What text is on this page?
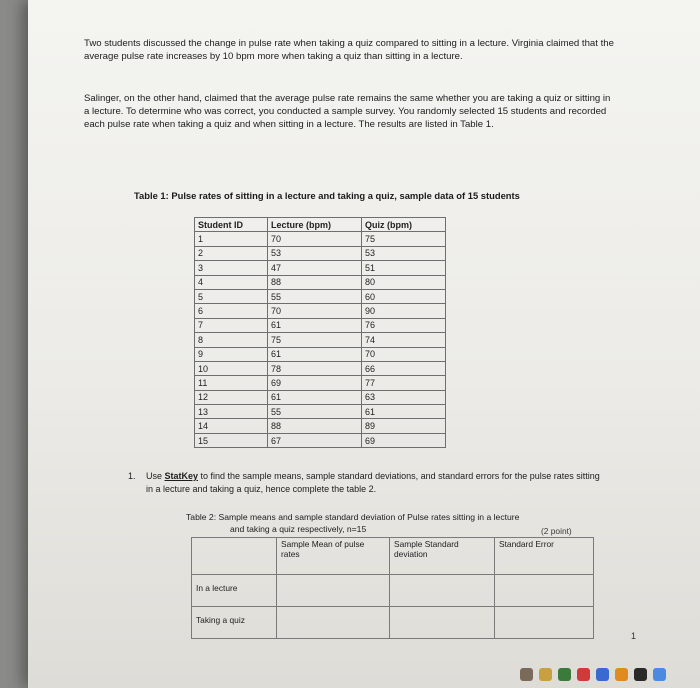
Two students discussed the change in pulse rate when taking a quiz compared to sitting in a lecture. Virginia claimed that the average pulse rate increases by 10 bpm more when taking a quiz than sitting in a lecture.

Salinger, on the other hand, claimed that the average pulse rate remains the same whether you are taking a quiz or sitting in a lecture. To determine who was correct, you conducted a sample survey. You randomly selected 15 students and recorded each pulse rate when taking a quiz and when sitting in a lecture. The results are listed in Table 1.

Table 1: Pulse rates of sitting in a lecture and taking a quiz, sample data of 15 students
Student ID	Lecture (bpm)	Quiz (bpm)
1	70	75
2	53	53
3	47	51
4	88	80
5	55	60
6	70	90
7	61	76
8	75	74
9	61	70
10	78	66
11	69	77
12	61	63
13	55	61
14	88	89
15	67	69
1. Use StatKey to find the sample means, sample standard deviations, and standard errors for the pulse rates sitting in a lecture and taking a quiz, hence complete the table 2.
Table 2: Sample means and sample standard deviation of Pulse rates sitting in a lecture
and taking a quiz respectively, n=15	(2 point)
	Sample Mean of pulse rates	Sample Standard deviation	Standard Error
In a lecture			
Taking a quiz			
1
